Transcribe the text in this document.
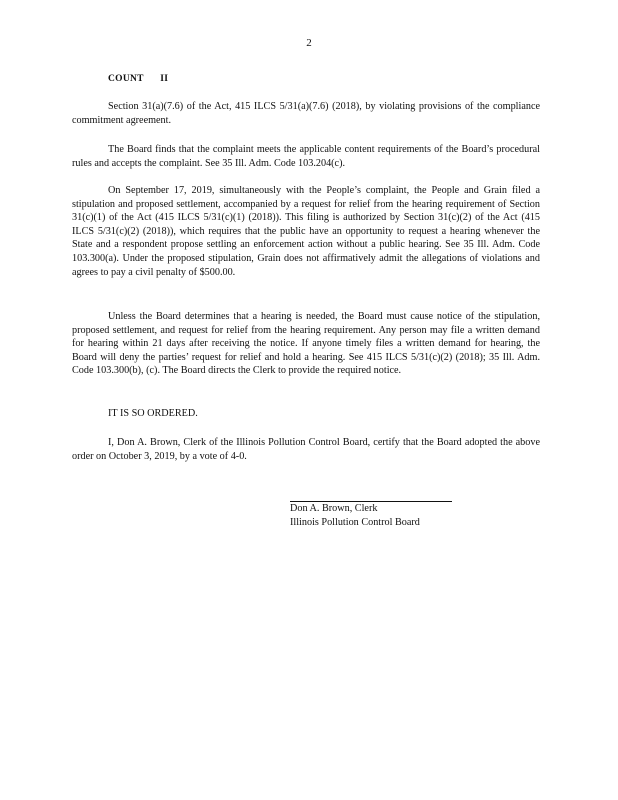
2
COUNT II

Section 31(a)(7.6) of the Act, 415 ILCS 5/31(a)(7.6) (2018), by violating provisions of the compliance commitment agreement.

The Board finds that the complaint meets the applicable content requirements of the Board’s procedural rules and accepts the complaint. See 35 Ill. Adm. Code 103.204(c).

On September 17, 2019, simultaneously with the People’s complaint, the People and Grain filed a stipulation and proposed settlement, accompanied by a request for relief from the hearing requirement of Section 31(c)(1) of the Act (415 ILCS 5/31(c)(1) (2018)). This filing is authorized by Section 31(c)(2) of the Act (415 ILCS 5/31(c)(2) (2018)), which requires that the public have an opportunity to request a hearing whenever the State and a respondent propose settling an enforcement action without a public hearing. See 35 Ill. Adm. Code 103.300(a). Under the proposed stipulation, Grain does not affirmatively admit the allegations of violations and agrees to pay a civil penalty of $500.00.

Unless the Board determines that a hearing is needed, the Board must cause notice of the stipulation, proposed settlement, and request for relief from the hearing requirement. Any person may file a written demand for hearing within 21 days after receiving the notice. If anyone timely files a written demand for hearing, the Board will deny the parties’ request for relief and hold a hearing. See 415 ILCS 5/31(c)(2) (2018); 35 Ill. Adm. Code 103.300(b), (c). The Board directs the Clerk to provide the required notice.

IT IS SO ORDERED.

I, Don A. Brown, Clerk of the Illinois Pollution Control Board, certify that the Board adopted the above order on October 3, 2019, by a vote of 4-0.

Don A. Brown, Clerk
Illinois Pollution Control Board
